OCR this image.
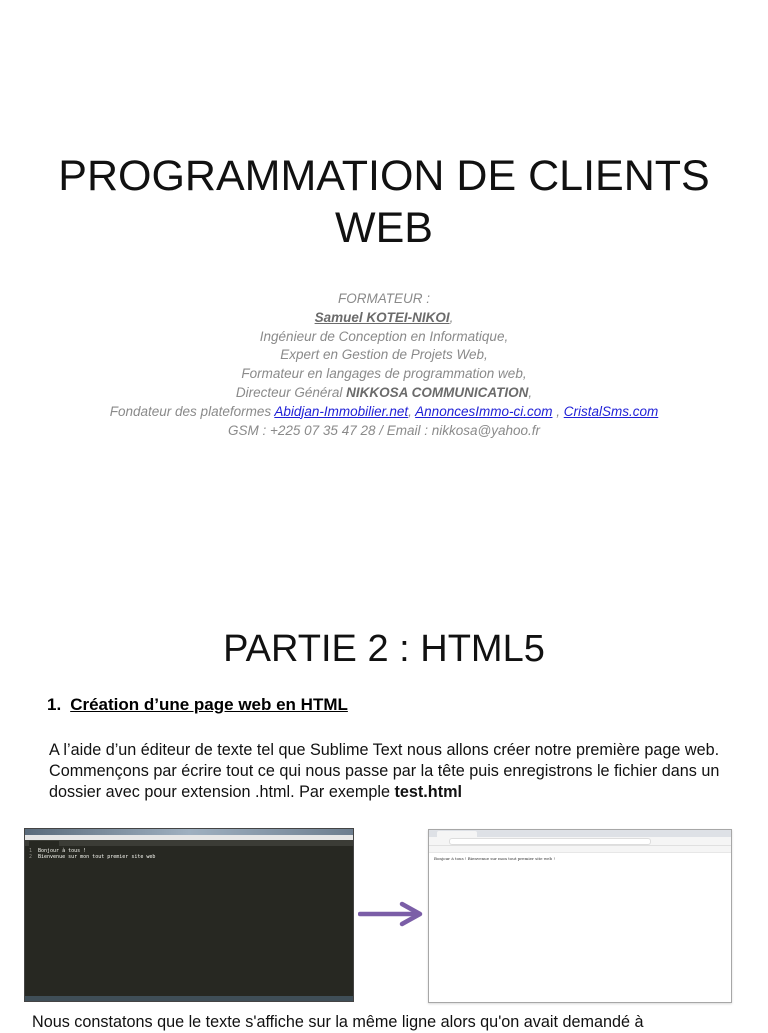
PROGRAMMATION DE CLIENTS
WEB
FORMATEUR :
Samuel KOTEI-NIKOI,
Ingénieur de Conception en Informatique,
Expert en Gestion de Projets Web,
Formateur en langages de programmation web,
Directeur Général NIKKOSA COMMUNICATION,
Fondateur des plateformes Abidjan-Immobilier.net, AnnoncesImmo-ci.com , CristalSms.com
GSM : +225 07 35 47 28 / Email : nikkosa@yahoo.fr
PARTIE 2 : HTML5
1. Création d’une page web en HTML

A l’aide d’un éditeur de texte tel que Sublime Text nous allons créer notre première page web. Commençons par écrire tout ce qui nous passe par la tête puis enregistrons le fichier dans un dossier avec pour extension .html. Par exemple test.html

1 Bonjour à tous !
2 Bienvenue sur mon tout premier site web	Bonjour à tous ! Bienvenue sur mon tout premier site web !

Nous constatons que le texte s'affiche sur la même ligne alors qu'on avait demandé à
